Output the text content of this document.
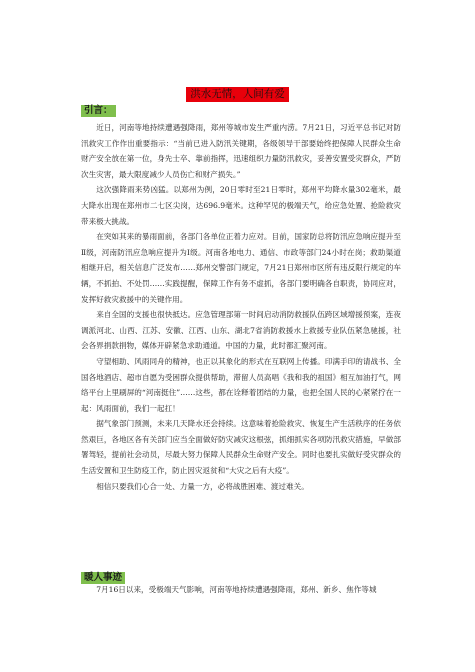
洪水无情，人间有爱
引言：

近日，河南等地持续遭遇强降雨，郑州等城市发生严重内涝。7月21日，习近平总书记对防汛救灾工作作出重要指示：“当前已进入防汛关键期，各级领导干部要始终把保障人民群众生命财产安全放在第一位，身先士卒、靠前指挥，迅速组织力量防汛救灾，妥善安置受灾群众，严防次生灾害，最大限度减少人员伤亡和财产损失。”

这次强降雨来势凶猛。以郑州为例，20日零时至21日零时，郑州平均降水量302毫米，最大降水出现在郑州市二七区尖岗，达696.9毫米。这种罕见的极端天气，给应急处置、抢险救灾带来极大挑战。

在突如其来的暴雨面前，各部门各单位正着力应对。目前，国家防总将防汛应急响应提升至Ⅱ级，河南防汛应急响应提升为Ⅰ级。河南各地电力、通信、市政等部门24小时在岗；救助渠道相继开启，相关信息广泛发布……郑州交警部门规定，7月21日郑州市区所有违反限行规定的车辆，不抓拍、不处罚……实践提醒，保障工作有务不虚抓，各部门要明确各自职责，协同应对，发挥好救灾救援中的关键作用。

来自全国的支援也很快抵达。应急管理部第一时间启动消防救援队伍跨区域增援预案，连夜调派河北、山西、江苏、安徽、江西、山东、湖北7省消防救援水上救援专业队伍紧急驰援，社会各界捐款捐物，媒体开辟紧急求助通道。中国的力量，此时都汇聚河南。

守望相助、风雨同舟的精神，也正以其象化的形式在互联网上传播。印满手印的请战书、全国各地酒店、超市自愿为受困群众提供帮助，滞留人员高唱《我和我的祖国》相互加油打气，网络平台上里刷屏的“河南挺住”……这些，都在诠释着团结的力量，也把全国人民的心紧紧拧在一起：风雨面前，我们一起扛！

据气象部门预测，未来几天降水还会持续。这意味着抢险救灾、恢复生产生活秩序的任务依然艰巨，各地区各有关部门应当全面做好防灾减灾这根弦，抓细抓实各项防汛救灾措施，早做部署驾轻，提前社会动员，尽最大努力保障人民群众生命财产安全。同时也要扎实做好受灾群众的生活安置和卫生防疫工作，防止因灾返贫和“大灾之后有大疫”。

相信只要我们心合一处、力量一方，必将战胜困难、渡过难关。

暖人事迹

7月16日以来，受极端天气影响，河南等地持续遭遇强降雨，郑州、新乡、焦作等城
